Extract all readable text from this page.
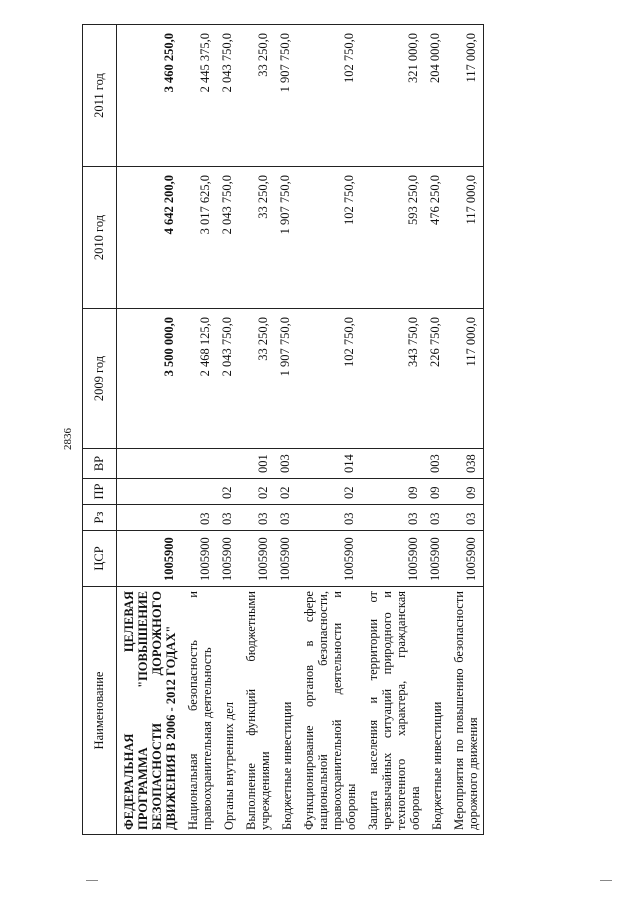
2836
Наименование	ЦСР	Рз	ПР	ВР	2009 год	2010 год	2011 год
ФЕДЕРАЛЬНАЯ ЦЕЛЕВАЯ ПРОГРАММА "ПОВЫШЕНИЕ БЕЗОПАСНОСТИ ДОРОЖНОГО ДВИЖЕНИЯ В 2006 - 2012 ГОДАХ"	1005900				3 500 000,0	4 642 200,0	3 460 250,0
Национальная безопасность и правоохранительная деятельность	1005900	03			2 468 125,0	3 017 625,0	2 445 375,0
Органы внутренних дел	1005900	03	02		2 043 750,0	2 043 750,0	2 043 750,0
Выполнение функций бюджетными учреждениями	1005900	03	02	001	33 250,0	33 250,0	33 250,0
Бюджетные инвестиции	1005900	03	02	003	1 907 750,0	1 907 750,0	1 907 750,0
Функционирование органов в сфере национальной безопасности, правоохранительной деятельности и обороны	1005900	03	02	014	102 750,0	102 750,0	102 750,0
Защита населения и территории от чрезвычайных ситуаций природного и техногенного характера, гражданская оборона	1005900	03	09		343 750,0	593 250,0	321 000,0
Бюджетные инвестиции	1005900	03	09	003	226 750,0	476 250,0	204 000,0
Мероприятия по повышению безопасности дорожного движения	1005900	03	09	038	117 000,0	117 000,0	117 000,0
